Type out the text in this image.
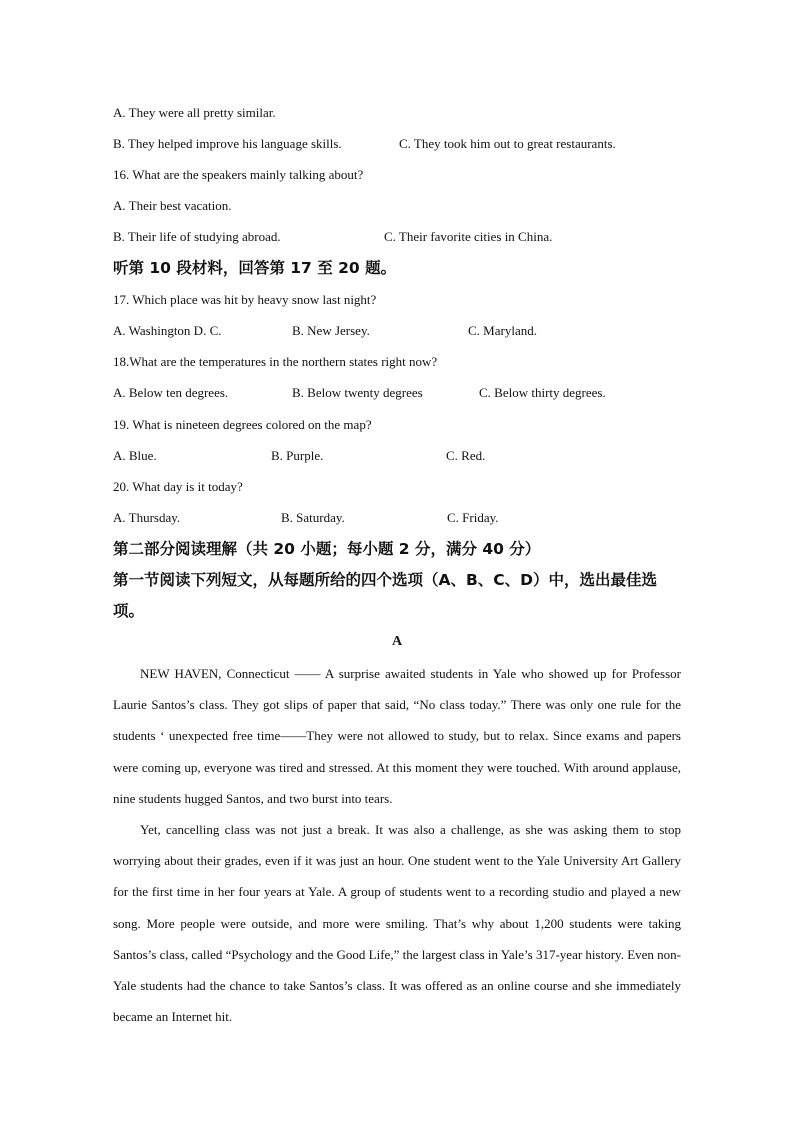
A. They were all pretty similar.
B. They helped improve his language skills.	C. They took him out to great restaurants.
16. What are the speakers mainly talking about?
A. Their best vacation.
B. Their life of studying abroad.	C. Their favorite cities in China.
听第 10 段材料，回答第 17 至 20 题。
17. Which place was hit by heavy snow last night?
A. Washington D. C.	B. New Jersey.	C. Maryland.
18.What are the temperatures in the northern states right now?
A. Below ten degrees.	B. Below twenty degrees	C. Below thirty degrees.
19. What is nineteen degrees colored on the map?
A. Blue.	B. Purple.	C. Red.
20. What day is it today?
A. Thursday.	B. Saturday.	C. Friday.
第二部分阅读理解（共 20 小题；每小题 2 分，满分 40 分）
第一节阅读下列短文，从每题所给的四个选项（A、B、C、D）中，选出最佳选
项。
A

NEW HAVEN, Connecticut —— A surprise awaited students in Yale who showed up for Professor Laurie Santos’s class. They got slips of paper that said, “No class today.” There was only one rule for the students ‘ unexpected free time——They were not allowed to study, but to relax. Since exams and papers were coming up, everyone was tired and stressed. At this moment they were touched. With around applause, nine students hugged Santos, and two burst into tears.

Yet, cancelling class was not just a break. It was also a challenge, as she was asking them to stop worrying about their grades, even if it was just an hour. One student went to the Yale University Art Gallery for the first time in her four years at Yale. A group of students went to a recording studio and played a new song. More people were outside, and more were smiling. That’s why about 1,200 students were taking Santos’s class, called “Psychology and the Good Life,” the largest class in Yale’s 317-year history. Even non-Yale students had the chance to take Santos’s class. It was offered as an online course and she immediately became an Internet hit.
